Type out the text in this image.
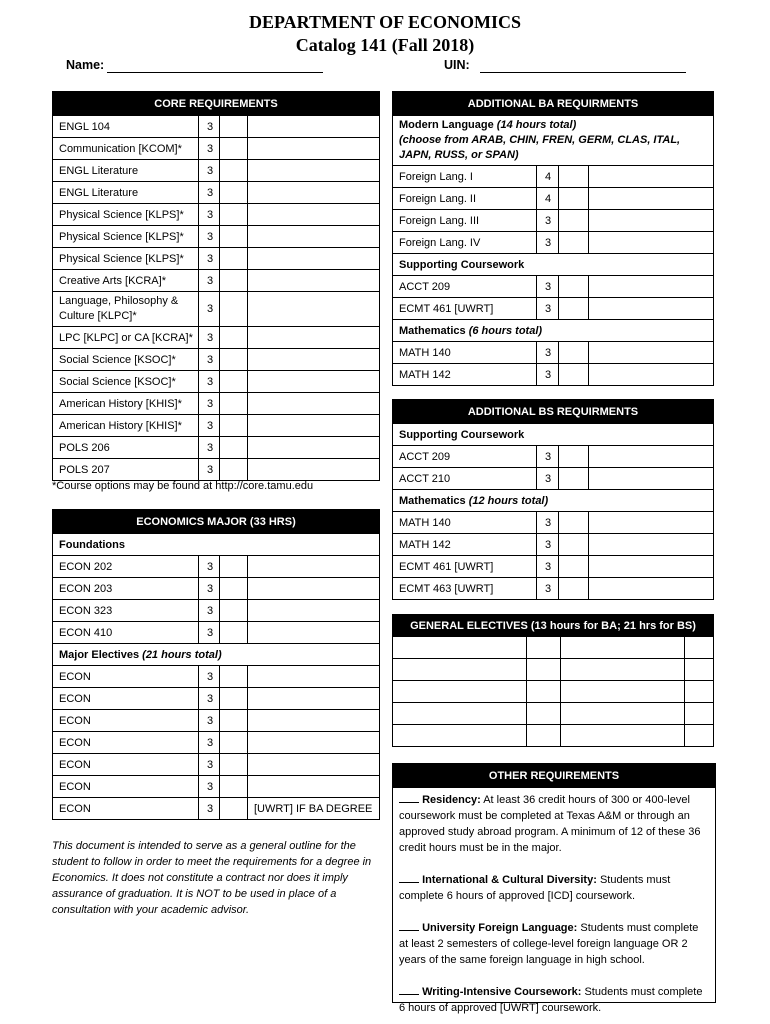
DEPARTMENT OF ECONOMICS
Catalog 141 (Fall 2018)
Name:	UIN:
CORE REQUIREMENTS			
ENGL 104	3		
Communication [KCOM]*	3		
ENGL Literature	3		
ENGL Literature	3		
Physical Science [KLPS]*	3		
Physical Science [KLPS]*	3		
Physical Science [KLPS]*	3		
Creative Arts [KCRA]*	3		
Language, Philosophy & Culture [KLPC]*	3		
LPC [KLPC] or CA [KCRA]*	3		
Social Science [KSOC]*	3		
Social Science [KSOC]*	3		
American History [KHIS]*	3		
American History [KHIS]*	3		
POLS 206	3		
POLS 207	3		
*Course options may be found at http://core.tamu.edu
ECONOMICS MAJOR (33 HRS)			
Foundations			
ECON 202	3		
ECON 203	3		
ECON 323	3		
ECON 410	3		
Major Electives (21 hours total)			
ECON	3		
ECON	3		
ECON	3		
ECON	3		
ECON	3		
ECON	3		
ECON	3		[UWRT] IF BA DEGREE
This document is intended to serve as a general outline for the student to follow in order to meet the requirements for a degree in Economics. It does not constitute a contract nor does it imply assurance of graduation. It is NOT to be used in place of a consultation with your academic advisor.
ADDITIONAL BA REQUIRMENTS			
Modern Language (14 hours total)
(choose from ARAB, CHIN, FREN, GERM, CLAS, ITAL, JAPN, RUSS, or SPAN)			
Foreign Lang. I	4		
Foreign Lang. II	4		
Foreign Lang. III	3		
Foreign Lang. IV	3		
Supporting Coursework			
ACCT 209	3		
ECMT 461 [UWRT]	3		
Mathematics (6 hours total)			
MATH 140	3		
MATH 142	3		
ADDITIONAL BS REQUIRMENTS			
Supporting Coursework			
ACCT 209	3		
ACCT 210	3		
Mathematics (12 hours total)			
MATH 140	3		
MATH 142	3		
ECMT 461 [UWRT]	3		
ECMT 463 [UWRT]	3		
GENERAL ELECTIVES (13 hours for BA; 21 hrs for BS)			

OTHER REQUIREMENTS

Residency: At least 36 credit hours of 300 or 400-level coursework must be completed at Texas A&M or through an approved study abroad program. A minimum of 12 of these 36 credit hours must be in the major.

International & Cultural Diversity: Students must complete 6 hours of approved [ICD] coursework.

University Foreign Language: Students must complete at least 2 semesters of college-level foreign language OR 2 years of the same foreign language in high school.

Writing-Intensive Coursework: Students must complete 6 hours of approved [UWRT] coursework.
